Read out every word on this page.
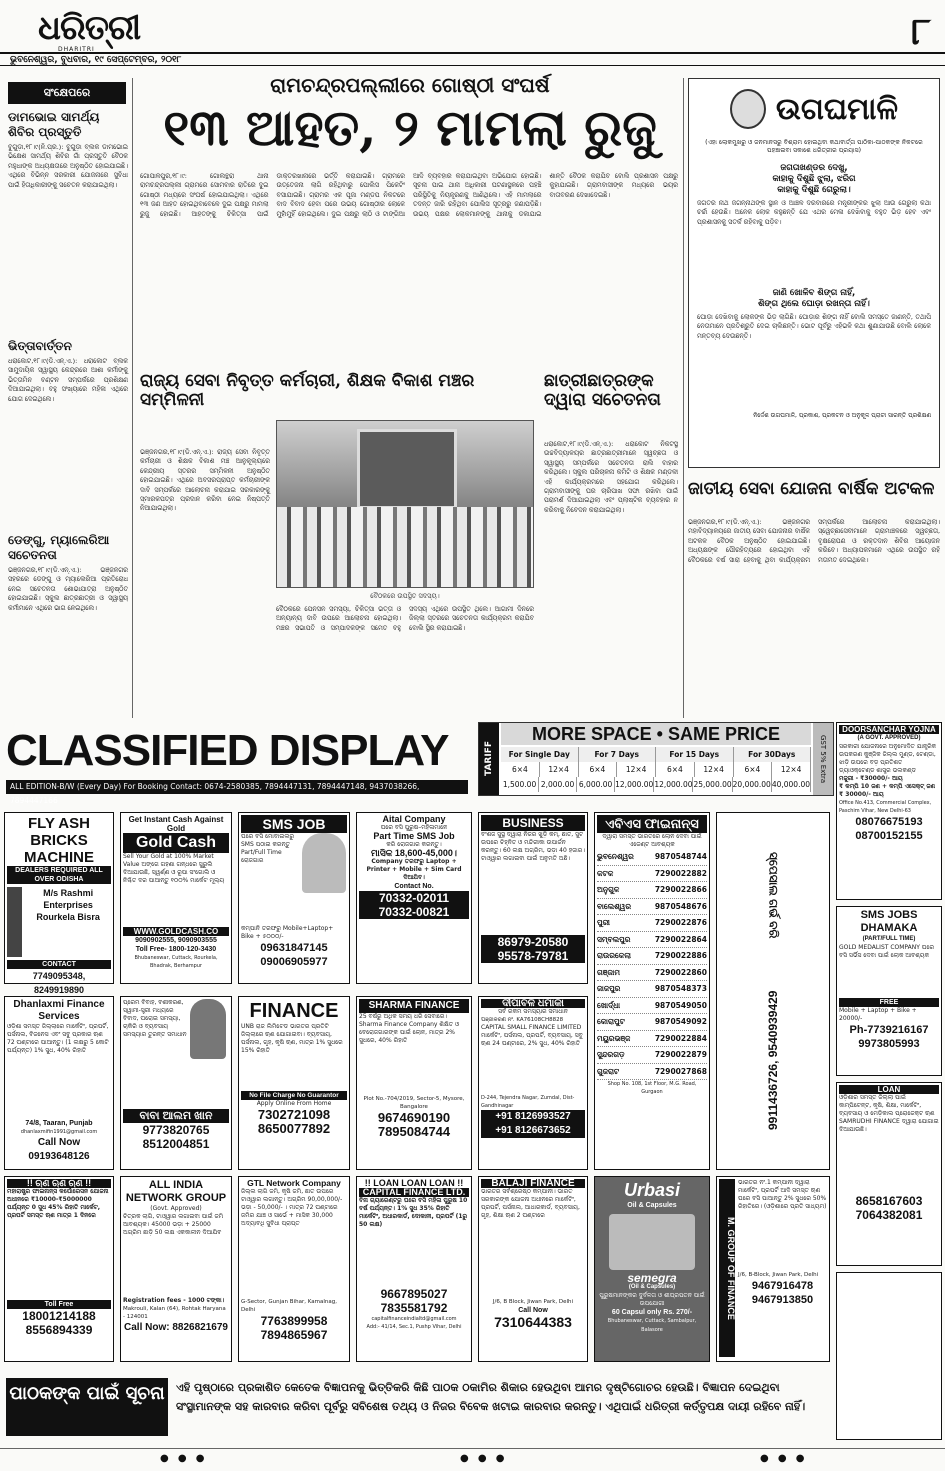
ଧରିତ୍ରୀ
DHARITRI	୮
ଭୁବନେଶ୍ୱର, ବୁଧବାର, ୧୯ ସେପ୍ଟେମ୍ବର, ୨୦୧୮
ସଂକ୍ଷେପରେ
ଡାମଭୋଇ ସାମର୍ଥ୍ୟ ଶିବିର ପ୍ରସ୍ତୁତି
ବୁଗୁଡ଼ା,୧୮।୯(ନି.ପ୍ର.): ବୁଗୁଡ଼ା ବ୍ଲକ ଡାମଭୋଇ ଭିକ୍ଷେଶ ସାମର୍ଥ୍ୟ ଶିବିର ଗାଁ ପ୍ରସ୍ତୁତି ବୈଠକ ମହୁଧାଙ୍କ ଅଧ୍ୟକ୍ଷତାରେ ଅନୁଷ୍ଠିତ ହୋଇଯାଇଛି। ଏଥିରେ ବିଭିନ୍ନ ସରକାରୀ ଯୋଜନାରେ ସୁବିଧା ପାଇଁ ହିତାଧିକାରୀଙ୍କୁ ସଚେତନ କରାଯାଇଥିଲା।
ଭିତ୍ତାବାର୍ତ୍ତନ
ଧରାକୋଟ,୧୮।୯(ଡି.ଏନ୍.ଏ.): ଧରାକୋଟ ବ୍ଲକ ସାମୁଦାୟିକ ସ୍ୱାସ୍ଥ୍ୟ କେନ୍ଦ୍ରରେ ଆଶା କର୍ମୀଙ୍କୁ ଭିତ୍ତାମିନ ବଣ୍ଟନ ସମ୍ପର୍କରେ ପ୍ରଶିକ୍ଷଣ ଦିଆଯାଇଥିଲା। ବହୁ ସଂଖ୍ୟାରେ ମହିଳା ଏଥିରେ ଯୋଗ ଦେଇଥିଲେ।
ଡେଙ୍ଗୁ, ମ୍ୟାଲେରିଆ ସଚେତନତା
ଭଞ୍ଜନଗର,୧୮।୯(ଡି.ଏନ୍.ଏ.): ଭଞ୍ଜନଗର ସହରରେ ଡେଙ୍ଗୁ ଓ ମ୍ୟାଲେରିଆ ପ୍ରତିରୋଧ ନେଇ ସଚେତନତା ଶୋଭାଯାତ୍ରା ଅନୁଷ୍ଠିତ ହୋଇଯାଇଛି। ସ୍କୁଲ ଛାତ୍ରଛାତ୍ରୀ ଓ ସ୍ୱାସ୍ଥ୍ୟ କର୍ମୀମାନେ ଏଥିରେ ଭାଗ ନେଇଥିଲେ।
ରାମଚନ୍ଦ୍ରପଲ୍ଲୀରେ ଗୋଷ୍ଠୀ ସଂଘର୍ଷ
୧୩ ଆହତ, ୨ ମାମଲା ରୁଜୁ
ଗୋପାଳପୁର,୧୮।୯: ଗୋଲନ୍ଥରା ଥାନା ରାମଚନ୍ଦ୍ରପଲ୍ଲୀ ଗ୍ରାମରେ ସୋମବାର ରାତିରେ ଦୁଇ ଗୋଷ୍ଠୀ ମଧ୍ୟରେ ସଂଘର୍ଷ ହୋଇଯାଇଥିଲା। ଏଥିରେ ୧୩ ଜଣ ଆହତ ହୋଇଥିବାବେଳେ ଦୁଇ ପକ୍ଷରୁ ମାମଲା ରୁଜୁ ହୋଇଛି। ଆହତଙ୍କୁ ଚିକିତ୍ସା ପାଇଁ ଡାକ୍ତରଖାନାରେ ଭର୍ତ୍ତି କରାଯାଇଛି। ଗ୍ରାମରେ ଉତ୍ତେଜନା ଲାଗି ରହିଥିବାରୁ ପୋଲିସ ପିକେଟିଂ ବସାଯାଇଛି। ଗ୍ରାମର ଏକ ପୂଜା ମଣ୍ଡପ ନିକଟରେ ବାଦ ବିବାଦ ହେବା ପରେ ଉଭୟ ଗୋଷ୍ଠୀର ଲୋକେ ମୁହାଁମୁହିଁ ହୋଇଥିଲେ। ଦୁଇ ପକ୍ଷରୁ ଲାଠି ଓ ଟାଙ୍ଗିଆ ଆଦି ବ୍ୟବହାର କରାଯାଇଥିବା ଅଭିଯୋଗ ହୋଇଛି। ସୂଚନା ପାଇ ଥାନା ଅଧିକାରୀ ଘଟଣାସ୍ଥଳରେ ପହଞ୍ଚି ପରିସ୍ଥିତିକୁ ନିୟନ୍ତ୍ରଣକୁ ଆଣିଥିଲେ। ଏହି ମାମଲାରେ ତଦନ୍ତ ଜାରି ରହିଥିବା ପୋଲିସ ସୂତ୍ରରୁ ଜଣାପଡ଼ିଛି। ଉଭୟ ପକ୍ଷର ଲୋକମାନଙ୍କୁ ଥାନାକୁ ଡକାଯାଇ ଶାନ୍ତି ବୈଠକ କରାଯିବ ବୋଲି ପ୍ରଶାସନ ପକ୍ଷରୁ କୁହାଯାଇଛି। ଗ୍ରାମବାସୀଙ୍କ ମଧ୍ୟରେ ଭୟର ବାତାବରଣ ଦେଖାଦେଇଛି।
ରାଜ୍ୟ ସେବା ନିବୃତ୍ତ କର୍ମଚାରୀ, ଶିକ୍ଷକ ବିକାଶ ମଞ୍ଚର ସମ୍ମିଳନୀ
ବୈଠକରେ ଉପସ୍ଥିତ ସଦସ୍ୟ।
ଭଞ୍ଜନଗର,୧୮।୯(ଡି.ଏନ୍.ଏ.): ରାଜ୍ୟ ସେବା ନିବୃତ୍ତ କର୍ମଚାରୀ ଓ ଶିକ୍ଷକ ବିକାଶ ମଞ୍ଚ ଆନୁକୂଲ୍ୟରେ କେନ୍ଦ୍ରୀୟ ସ୍ତରର ସମ୍ମିଳନୀ ଅନୁଷ୍ଠିତ ହୋଇଯାଇଛି। ଏଥିରେ ଅବସରପ୍ରାପ୍ତ କର୍ମଚାରୀଙ୍କ ଦାବି ସମ୍ପର୍କରେ ଆଲୋଚନା କରାଯାଇ ସରକାରଙ୍କୁ ସ୍ମାରକପତ୍ର ପ୍ରଦାନ କରିବା ନେଇ ନିଷ୍ପତ୍ତି ନିଆଯାଇଥିଲା।
ବୈଠକରେ ପେନସନ ସମସ୍ୟା, ଚିକିତ୍ସା ଭତ୍ତା ଓ ଅନ୍ୟାନ୍ୟ ଦାବି ଉପରେ ଆଲୋଚନା ହୋଇଥିଲା। ମଞ୍ଚର ସଭାପତି ଓ ସମ୍ପାଦକଙ୍କ ସମେତ ବହୁ ସଦସ୍ୟ ଏଥିରେ ଉପସ୍ଥିତ ଥିଲେ। ଆଗାମୀ ଦିନରେ ଜିଲ୍ଲା ସ୍ତରରେ ସଚେତନତା କାର୍ଯ୍ୟକ୍ରମ କରାଯିବ ବୋଲି ସ୍ଥିର କରାଯାଇଛି।
ଛାତ୍ରୀଛାତ୍ରଙ୍କ ଦ୍ୱାରା ସଚେତନତା
ଧରାକୋଟ,୧୮।୯(ଡି.ଏନ୍.ଏ.): ଧରାକୋଟ ନିକଟସ୍ଥ ଉଚ୍ଚବିଦ୍ୟାଳୟର ଛାତ୍ରଛାତ୍ରୀମାନେ ସ୍ୱଚ୍ଛତା ଓ ସ୍ୱାସ୍ଥ୍ୟ ସମ୍ପର୍କରେ ସଚେତନତା ରାଲି ବାହାର କରିଥିଲେ। ସ୍କୁଲ ପରିଚାଳନା କମିଟି ଓ ଶିକ୍ଷକ ମଣ୍ଡଳୀ ଏହି କାର୍ଯ୍ୟକ୍ରମରେ ସହଯୋଗ କରିଥିଲେ। ଗ୍ରାମବାସୀଙ୍କୁ ଘର ଚାରିପାଖ ସଫା ରଖିବା ପାଇଁ ପରାମର୍ଶ ଦିଆଯାଇଥିଲା ଏବଂ ପ୍ଲାଷ୍ଟିକ ବ୍ୟବହାର ନ କରିବାକୁ ନିବେଦନ କରାଯାଇଥିଲା।
ଉଗଘମାଳି
(ଏହା ଲୋକମୁଖରୁ ଓ ଜନମାନସରୁ ବିଶ୍ରାମ ହୋଇଥିବା କଥାବାର୍ତ୍ତା ପାଠିକା-ପାଠକଙ୍କ ନିକଟରେ ପହଞ୍ଚାଇବା ସକାଶେ ଧରିତ୍ରୀର ପ୍ରୟାସ)
ଜଗତାଖଣ୍ଡର ଦେଖୁ,
କାହାକୁ ଦିଶୁଛି ଝୁଲା, ଝରିଗ
କାହାକୁ ଦିଶୁଛି ଗେରୁଲା।
ଜଗତର ନାଥ ଜଗନ୍ନାଥଙ୍କ ସ୍ଥାନ ଓ ଆଞ୍ଚଳ ଦରବାରରେ ମନ୍ତ୍ରୀଙ୍କର ଝୁଲା ଆଉ ଗେରୁଲା କଥା ଚର୍ଚ୍ଚା ହେଉଛି। ଅନେକ ଲୋକ କହୁଛନ୍ତି ଯେ ଏଥର ମେଳା ଦେଖିବାକୁ ବହୁତ ଭିଡ଼ ହେବ ଏବଂ ପ୍ରଶାସନକୁ ସତର୍କ ରହିବାକୁ ପଡ଼ିବ।
ଜାଣି ଖୋଳିବ ଶିଙ୍ଗ ନାହିଁ,
ଶିଙ୍ଗ ଥିଲେ ଘୋଡ଼ା ରଖନ୍ତା ନାହିଁ।
ଘୋଡ଼ା ଦେଖିବାକୁ ଲୋକଙ୍କ ଭିଡ଼ ଲାଗିଛି। ଘୋଡ଼ାର ଶିଙ୍ଗ ନାହିଁ ବୋଲି ସମସ୍ତେ ଜାଣନ୍ତି, ତଥାପି ନେତାମାନେ ପ୍ରତିଶ୍ରୁତି ଦେଇ ଚାଲିଛନ୍ତି। ଭୋଟ ପୂର୍ବରୁ ଏହିଭଳି କଥା ଶୁଣାଯାଉଛି ବୋଲି ଲୋକେ ମନ୍ତବ୍ୟ ଦେଉଛନ୍ତି।
ନିର୍ଦ୍ଦେଶ ଉଗଘମାଳି, ପ୍ରକାଶ, ପ୍ରକଟନ ଓ ଅନୁକୂଳ ପ୍ରାଚୀ ସାରନ୍ତି ପ୍ରଶିକ୍ଷଣ
ଜାତୀୟ ସେବା ଯୋଜନା ବାର୍ଷିକ ଅଟକଳ
ଭଞ୍ଜନଗର,୧୮।୯(ଡି.ଏନ୍.ଏ.): ଭଞ୍ଜନଗର ମହାବିଦ୍ୟାଳୟରେ ଜାତୀୟ ସେବା ଯୋଜନାର ବାର୍ଷିକ ଅଟକଳ ବୈଠକ ଅନୁଷ୍ଠିତ ହୋଇଯାଇଛି। ଅଧ୍ୟକ୍ଷଙ୍କ ପୌରହିତ୍ୟରେ ହୋଇଥିବା ଏହି ବୈଠକରେ ବର୍ଷ ସାରା ହେବାକୁ ଥିବା କାର୍ଯ୍ୟକ୍ରମ ସମ୍ପର୍କରେ ଆଲୋଚନା କରାଯାଇଥିଲା। ସ୍ୱେଚ୍ଛାସେବୀମାନେ ଗ୍ରାମାଞ୍ଚଳରେ ସ୍ୱଚ୍ଛତା, ବୃକ୍ଷରୋପଣ ଓ ରକ୍ତଦାନ ଶିବିର ଆୟୋଜନ କରିବେ। ଅଧ୍ୟାପକମାନେ ଏଥିରେ ଉପସ୍ଥିତ ରହି ମତାମତ ଦେଇଥିଲେ।
CLASSIFIED DISPLAY
ALL EDITION-B/W (Every Day) For Booking Contact: 0674-2580385, 7894447131, 7894447148, 9437038266, 7894447166
TARIFF
MORE SPACE • SAME PRICE
GST 5% Extra
For Single Day	For 7 Days	For 15 Days	For 30Days
6×4	12×4	6×4	12×4	6×4	12×4	6×4	12×4
1,500.00 2,000.00 6,000.00 12,000.00 12,000.00 25,000.00 20,000.00 40,000.00
DOORSANCHAR YOJNA
(A GOVT. APPROVED)
ସରକାରୀ ଯୋଜନାରେ ଅନୁମୋଦିତ ଯାନ୍ତ୍ରିକ ଉପକରଣ କୁଞ୍ଜିକ ଜିଲ୍ଲ ମୁଣ୍ଡ, ଟେଣ୍ଡା, ଝାଡ଼ି ଉପରେ ବଡ଼ ପ୍ରତିଶତ ଡ୍ୟାଓକ୍ଟେଣ୍ଡ ଶାସ୍ତ୍ର ଭଲକଣ୍ଡ
ମଜୁରୀ - ₹30000/- ଆୟ
₹ କମ୍‌ପି 10 ଜଣ + କମ୍‌ପି ଏସେକ୍ଟ୍ ଜଣ
₹ 30000/- ଆୟ
Office No.413, Commercial Complex, Paschim Vihar, New Delhi-63
08076675193
08700152155
FLY ASH BRICKS MACHINE
DEALERS REQUIRED ALL OVER ODISHA
M/s Rashmi Enterprises Rourkela Bisra
CONTACT
7749095348, 8249919890
Get Instant Cash Against Gold
Gold Cash
Sell Your Gold at 100% Market Value ଅଙ୍ଗେ ଗହଣା ଗନ୍ଧରେ ସୁରୁଲି ଦିଆଯାଉଛି, ସ୍ୱର୍ଣ୍ଣ ଓ ରୂପା ସଂଗୋଲି ଓ ନିଶ୍ଚିତ ଦର ପାଆନ୍ତୁ ୧୦୦% ମାର୍କେଟ ମୂଲ୍ୟ
WWW.GOLDCASH.CO
9090902555, 9090903555
Toll Free- 1800-120-3430
Bhubaneswar, Cuttack, Rourkela, Bhadrak, Berhampur
SMS JOB
ଘରେ ବସି ମୋବାଇଲରୁ SMS ପଠାଇ କରନ୍ତୁ Part/Full Time ରୋଜଗାର
କମ୍ପାନି ତରଫରୁ Mobile+Laptop+ Bike + ୫୦୦୦/-
09631847145
09006905977
Aital Company
ଘରେ ବସି ପୁରୁଷ–ମହିଳାମାନେ
Part Time SMS Job
କରି ରୋଜଗାର କରନ୍ତୁ।
ମାସିକ 18,600-45,000।
Company ତରଫରୁ Laptop + Printer + Mobile + Sim Card ଦିଆଯିବ।
Contact No.
70332-02011
70332-00821
BUSINESS
ବଂଶଜ ସୁସ୍ଥ ଦ୍ୱାରା ନିଜର ଖୁଡ଼ି କମ୍, ଛାତ, ସୁଟ ଉପରେ ଚିହ୍ନିତ ଓ ମନ୍ଦିରୀକା ଉପାର୍ଜନ କରନ୍ତୁ। 60 ଲକ୍ଷ ଅଗ୍ରିମ, ଭଡ଼ା 40 ହଜାର। ଟାଓ୍ୱାର ଲଗାଇବା ପାଇଁ ଅନୁମତି ଅଛି।
86979-20580
95578-79781
ଏବିଏସ ଫାଇନାନ୍ସ
ଦ୍ୱାରା ସମସ୍ତ ଭାରତରେ ଲୋନ ଦେବା ପାଇଁ ଏଜେଣ୍ଟ ଆବଶ୍ୟକ
ଭୁବନେଶ୍ୱର	9870548744
କଟକ	7290022882
ଅନୁଗୁଳ	7290022866
ବାଲେଶ୍ୱର	9870548676
ପୁରୀ	7290022876
ସମ୍ବଲପୁର	7290022864
ରାଉରକେଲା	7290022886
ଗଞ୍ଜାମ	7290022860
ଜାଜପୁର	9870548373
ଖୋର୍ଦ୍ଧା	9870549050
କୋରାପୁଟ	9870549092
ମୟୁରଭଞ୍ଜ	7290022884
ସୁନ୍ଦରଗଡ଼	7290022879
ଗୁଜରାଟ	7290027868
Shop No. 108, 1st Floor, M.G. Road, Gurgaon
ସ୍ପେସାଲ ଗର୍ଭ ବରି
9911436726, 9540939429
SMS JOBS DHAMAKA
(PART/FULL TIME)
GOLD MEDALIST COMPANY ଘରେ ବସି ସର୍ଭିସ ଦେବା ପାଇଁ ଲୋକ ଆବଶ୍ୟକ
FREE
Mobile + Laptop + Bike + 20000/-
Ph-7739216167
9973805993
Dhanlaxmi Finance Services
ଓଡ଼ିଶା ସମସ୍ତ ଜିଲ୍ଲାରେ ମାର୍କେଟିଂ, ପ୍ରପର୍ଟି, ପର୍ସନାଲ, ବିଜନେସ ଏବଂ ସବୁ ପ୍ରକାର ଋଣ 72 ଘଣ୍ଟାରେ ପାଆନ୍ତୁ। (1 ଲକ୍ଷରୁ 5 କୋଟି ପର୍ଯ୍ୟନ୍ତ) 1% ସୁଧ, 40% ରିହାତି
74/8, Taaran, Punjab
dhanlaxmifin1991@gmail.com
Call Now 09193648126
ପ୍ରେମ ବିବାହ, ବଶୀକରଣ, ସ୍ୱାମୀ-ସ୍ତ୍ରୀ ମଧ୍ୟରେ ବିବାଦ, ଘରୋଇ ସମସ୍ୟା, ଚାକିରି ଓ ବ୍ୟବସାୟ ସମସ୍ୟାର ତୁରନ୍ତ ସମାଧାନ
ବାବା ଆଲମ ଖାନ
9773820765
8512004851
FINANCE
UNB ରାଜ ଲିମିଟେଡ ଭାରତର ପ୍ରତିଟି ଜିଲ୍ଲାରେ ଋଣ ଯୋଗାଇବା। ବ୍ୟବସାୟ, ପର୍ସନାଲ, ଗୃହ, କୃଷି ଋଣ, ମାତ୍ର 1% ସୁଧରେ 15% ରିହାତି
No File Charge No Guarantor
Apply Online From Home
7302721098
8650077892
SHARMA FINANCE
25 ବର୍ଷରୁ ଅଧିକ ସମୟ ଧରି ସେବାରେ। Sharma Finance Company ଶିକ୍ଷିତ ଓ ବେରୋଜଗାରଙ୍କ ପାଇଁ ଲୋନ, ମାତ୍ର 2% ସୁଧରେ, 40% ରିହାତି
Plot No.-704/2019, Sector-5, Mysore, Bangalore
9674690190
7895084744
ଦୀପାବଳି ଧମାକା
ସର୍ବ ରକମ ସମସ୍ୟାର ସମାଧାନ
ପଞ୍ଜୀକରଣ ନଂ. KA76108CH8828
CAPITAL SMALL FINANCE LIMITED ମାର୍କେଟିଂ, ପର୍ସନାଲ, ପ୍ରପର୍ଟି, ବ୍ୟବସାୟ, ସବୁ ଋଣ 24 ଘଣ୍ଟାରେ, 2% ସୁଧ, 40% ରିହାତି
D-244, Tejendra Nagar, Zumdal, Dist-Gandhinagar
+91 8126993527
+91 8126673652
M. GROUP OF FINANCE
ଭାରତର ନଂ.1 କମ୍ପାନୀ ଦ୍ୱାରା ମାର୍କେଟିଂ, ପ୍ରପର୍ଟି ଆଦି ସମସ୍ତ ଋଣ ଘରେ ବସି ପାଆନ୍ତୁ 2% ସୁଧରେ 50% ରିହାତିରେ। (ଓଡ଼ିଶାରେ ପ୍ରତି ସାଧ୍ୟମ)
J/6, B-Block, Jiwan Park, Delhi
9467916478
9467913850
LOAN
ଓଡ଼ିଶାର ସମସ୍ତ ଜିଲ୍ଲା ପାଇଁ କାମ୍ପିଟେନ୍ଟ, କୃଷି, ଶିକ୍ଷା, ମାର୍କେଟିଂ, ବ୍ୟବସାୟ ଓ ମେଡ଼ିକାଲ ପ୍ରୋଜେକ୍ଟ ଋଣ SAMRUDHI FINANCE ଦ୍ୱାରା ଯୋଗାଇ ଦିଆଯାଉଛି।
8658167603
7064382081
!! ଋଣ ଋଣ ଋଣ !!
ମହାରାଷ୍ଟ୍ର ଫାଇନାନ୍ସ କର୍ପୋରେସନ ଯୋଜନା ଅଧୀନରେ ₹10000-₹5000000 ପର୍ଯ୍ୟନ୍ତ 0 ସୁଧ 45% ରିହାତି ମାର୍କେଟ, ପ୍ରପର୍ଟି ସମସ୍ତ ଋଣ ମାତ୍ର 1 ଦିନରେ
Toll Free
18001214188
8556894339
ALL INDIA NETWORK GROUP
(Govt. Approved)
ଚିତ୍ରକ ଲାଗି, ଟାଓ୍ୱାର ଲଗାଇବା ପାଇଁ ଜମି ଆବଶ୍ୟକ। 45000 ଭଡ଼ା + 25000 ଅଗ୍ରିମ ଛାଡ଼ି 50 ଲକ୍ଷ ଏକକାଳୀନ ଦିଆଯିବ
Registration fees - 1000 ଟଙ୍କା।
Makrouli, Kalan (64), Rohtak Haryana - 124001
Call Now: 8826821679
GTL Network Company
ଜିଲ୍ଲ ଲାଗି ଜମି, କୃଷି ଜମି, ଛାତ ଉପରେ ଟାଓ୍ୱାର ଲଗାନ୍ତୁ। ଅଗ୍ରିମ 90,00,000/- ଭଡ଼ା - 50,000/- । ମାତ୍ର 72 ଘଣ୍ଟାରେ ଜମିର ଯାଞ୍ଚ ଓ ସାର୍ଭେ + ମାସିକ 30,000 ଅଦ୍ୟାବଧି ସୁବିଧା ପ୍ରାପ୍ତ
G-Sector, Gunjan Bihar, Kamalnag, Delhi
7763899958
7894865967
!! LOAN LOAN LOAN !!
CAPITAL FINANCE LTD.
ବିନା ଗ୍ୟାରେଣ୍ଟରୁ ଘରେ ବସି ମହିଳା ପୁରୁଷ 10 ବର୍ଷ ପର୍ଯ୍ୟନ୍ତ। 1% ସୁଧ 35% ରିହାତି ମାର୍କେଟିଂ, ଅଧାରକାର୍ଡ, ଦୋକାନୀ, ପ୍ରପର୍ଟି (1ରୁ 50 ଲକ୍ଷ)
9667895027
7835581792
capitalfinanceindialtd@gmail.com
Add:- 41/14, Sec.1, Pushp Vihar, Delhi
BALAJI FINANCE
ଭାରତର ସର୍ବଶ୍ରେଷ୍ଠ କମ୍ପାନୀ। ଭାରତ ସରକାରଙ୍କ ଯୋଜନା ଅଧୀନରେ ମାର୍କେଟିଂ, ପ୍ରପର୍ଟି, ପର୍ସନାଲ, ଆଧାରକାର୍ଡ, ବ୍ୟବସାୟ, ଗୃହ, ଶିକ୍ଷା ଋଣ 2 ଘଣ୍ଟାରେ
J/6, B Block, Jiwan Park, Delhi
Call Now
7310644383
Urbasi
Oil & Capsules
semegra
(Oil & Capsules)
ପୁରୁଷମାନଙ୍କର ଦୁର୍ବଳତା ଓ ଶୀଘ୍ରପତନ ପାଇଁ ଉପଯୋଗୀ
60 Capsul only Rs. 270/-
Bhubaneswar, Cuttack, Sambalpur, Balasore
ପାଠକଙ୍କ ପାଇଁ ସୂଚନା	ଏହି ପୃଷ୍ଠାରେ ପ୍ରକାଶିତ କେତେକ ବିଜ୍ଞାପନକୁ ଭିତ୍ତିକରି କିଛି ପାଠକ ଠକାମିର ଶିକାର ହେଉଥିବା ଆମର ଦୃଷ୍ଟିଗୋଚର ହେଉଛି। ବିଜ୍ଞାପନ ଦେଇଥିବା ସଂସ୍ଥାମାନଙ୍କ ସହ କାରବାର କରିବା ପୂର୍ବରୁ ସବିଶେଷ ତଥ୍ୟ ଓ ନିଜର ବିବେକ ଖଟାଇ କାରବାର କରନ୍ତୁ। ଏଥିପାଇଁ ଧରିତ୍ରୀ କର୍ତ୍ତୃପକ୍ଷ ଦାୟୀ ରହିବେ ନାହିଁ।
● ● ●	● ● ●	● ● ●
